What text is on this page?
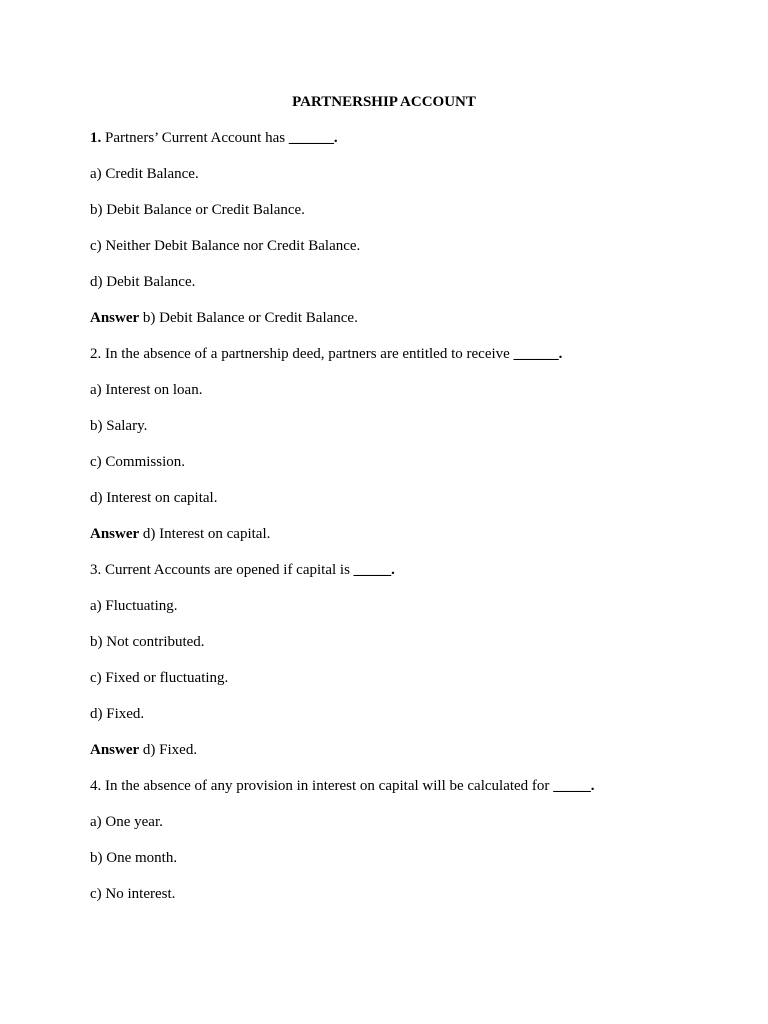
PARTNERSHIP ACCOUNT
1. Partners’ Current Account has ______.
a) Credit Balance.
b) Debit Balance or Credit Balance.
c) Neither Debit Balance nor Credit Balance.
d) Debit Balance.
Answer b) Debit Balance or Credit Balance.
2. In the absence of a partnership deed, partners are entitled to receive ______.
a) Interest on loan.
b) Salary.
c) Commission.
d) Interest on capital.
Answer d) Interest on capital.
3. Current Accounts are opened if capital is _____.
a) Fluctuating.
b) Not contributed.
c) Fixed or fluctuating.
d) Fixed.
Answer d) Fixed.
4. In the absence of any provision in interest on capital will be calculated for _____.
a) One year.
b) One month.
c) No interest.
